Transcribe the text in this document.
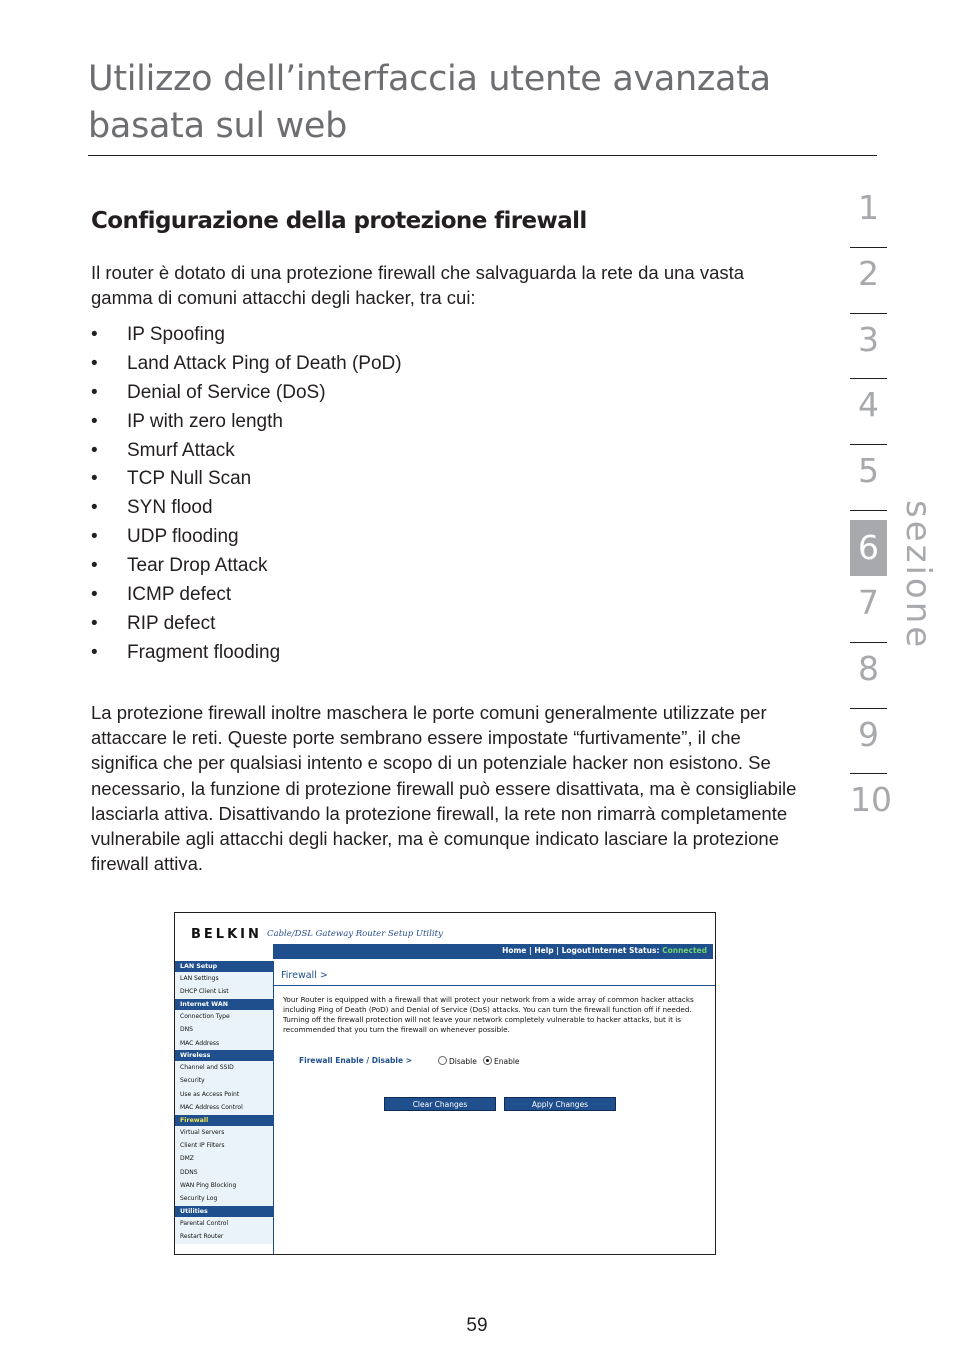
Utilizzo dell’interfaccia utente avanzata basata sul web
Configurazione della protezione firewall
Il router è dotato di una protezione firewall che salvaguarda la rete da una vasta gamma di comuni attacchi degli hacker, tra cui:
• IP Spoofing
• Land Attack Ping of Death (PoD)
• Denial of Service (DoS)
• IP with zero length
• Smurf Attack
• TCP Null Scan
• SYN flood
• UDP flooding
• Tear Drop Attack
• ICMP defect
• RIP defect
• Fragment flooding
La protezione firewall inoltre maschera le porte comuni generalmente utilizzate per attaccare le reti. Queste porte sembrano essere impostate “furtivamente”, il che significa che per qualsiasi intento e scopo di un potenziale hacker non esistono. Se necessario, la funzione di protezione firewall può essere disattivata, ma è consigliabile lasciarla attiva. Disattivando la protezione firewall, la rete non rimarrà completamente vulnerabile agli attacchi degli hacker, ma è comunque indicato lasciare la protezione firewall attiva.
1
2
3
4
5
6
7
8
9
10
sezione
BELKIN Cable/DSL Gateway Router Setup Utility
Home | Help | Logout Internet Status: Connected
LAN Setup
LAN Settings
DHCP Client List
Internet WAN
Connection Type
DNS
MAC Address
Wireless
Channel and SSID
Security
Use as Access Point
MAC Address Control
Firewall
Virtual Servers
Client IP Filters
DMZ
DDNS
WAN Ping Blocking
Security Log
Utilities
Parental Control
Restart Router
Firewall >
Your Router is equipped with a firewall that will protect your network from a wide array of common hacker attacks including Ping of Death (PoD) and Denial of Service (DoS) attacks. You can turn the firewall function off if needed. Turning off the firewall protection will not leave your network completely vulnerable to hacker attacks, but it is recommended that you turn the firewall on whenever possible.
Firewall Enable / Disable >	Disable	Enable
Clear Changes	Apply Changes
59
